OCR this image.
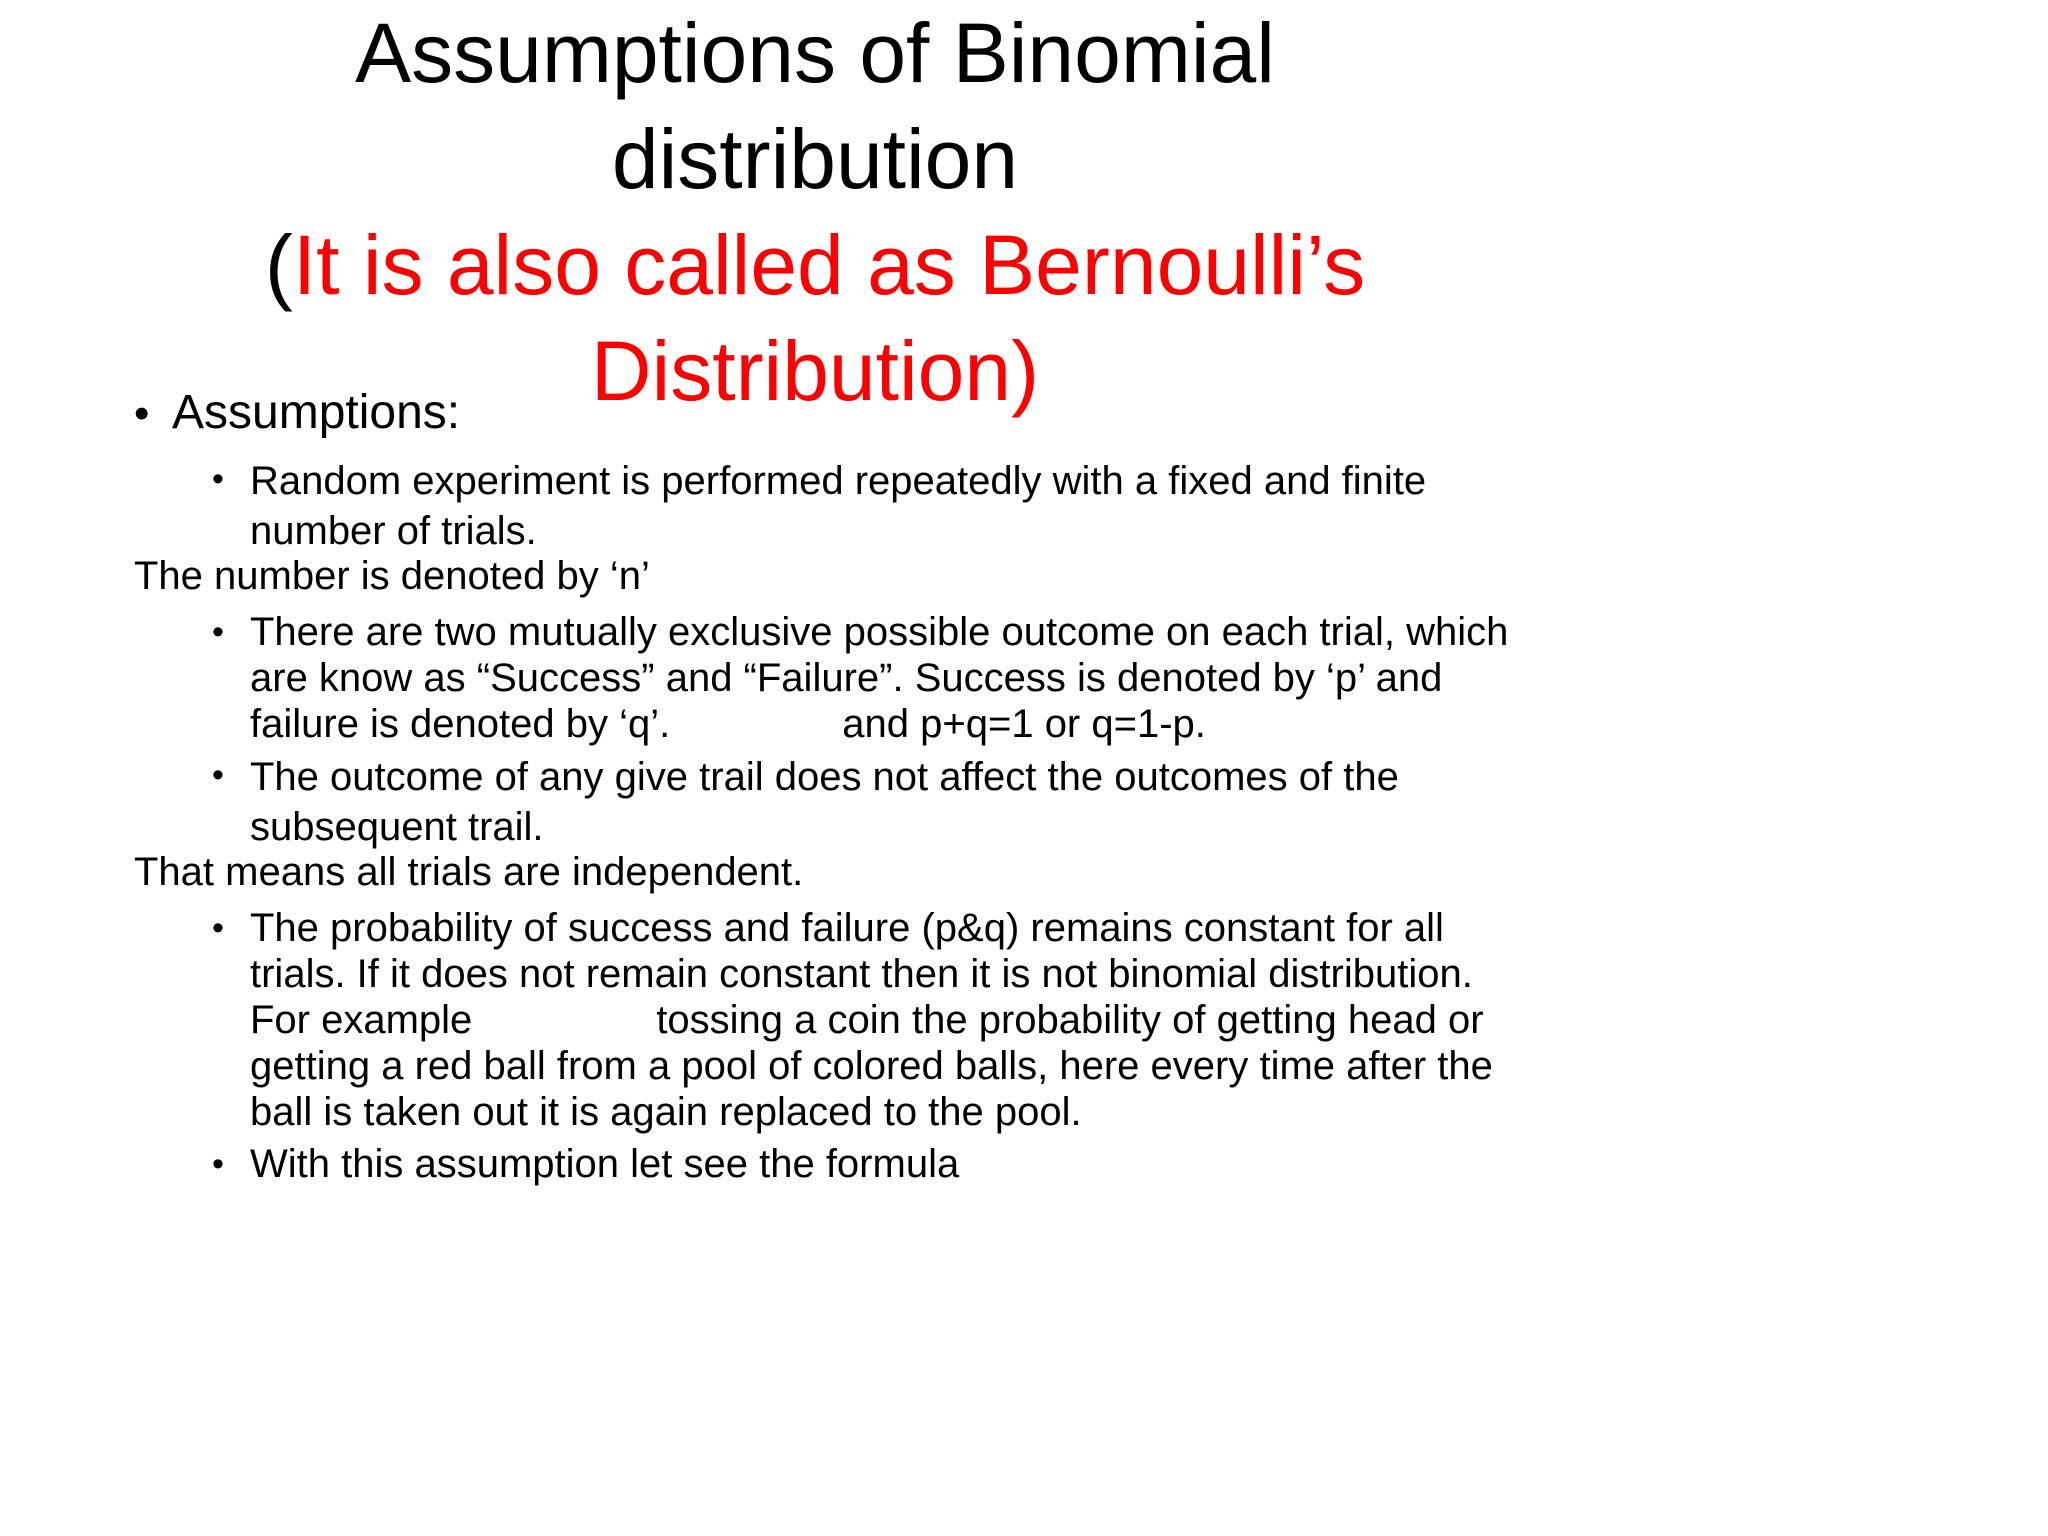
Assumptions of Binomial
distribution
(It is also called as Bernoulli’s
Distribution)
• Assumptions:
• Random experiment is performed repeatedly with a fixed and finite
number of trials.
The number is denoted by ‘n’
• There are two mutually exclusive possible outcome on each trial, which
are know as “Success” and “Failure”. Success is denoted by ‘p’ and
failure is denoted by ‘q’.	and p+q=1 or q=1-p.
• The outcome of any give trail does not affect the outcomes of the
subsequent trail.
That means all trials are independent.
• The probability of success and failure (p&q) remains constant for all
trials. If it does not remain constant then it is not binomial distribution.
For example	tossing a coin the probability of getting head or
getting a red ball from a pool of colored balls, here every time after the
ball is taken out it is again replaced to the pool.
• With this assumption let see the formula
